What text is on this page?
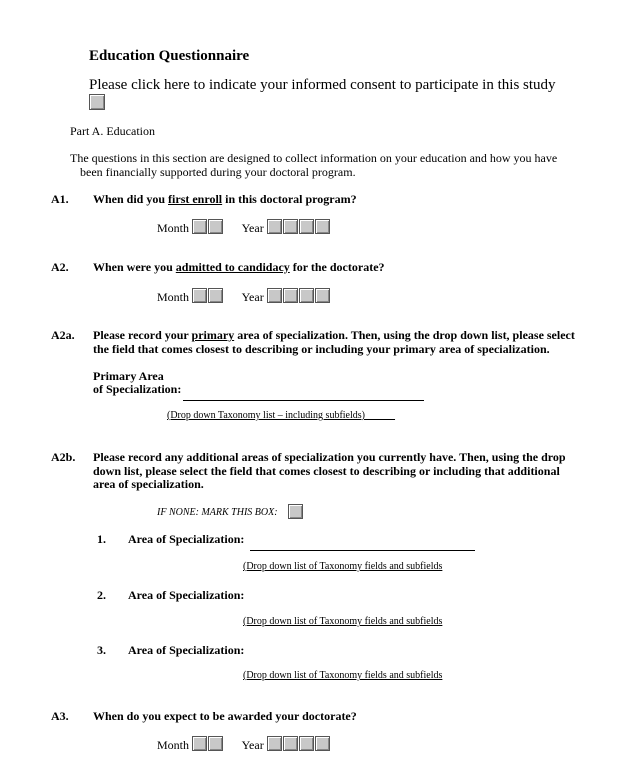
Education Questionnaire
Please click here to indicate your informed consent to participate in this study
Part A. Education
The questions in this section are designed to collect information on your education and how you have
been financially supported during your doctoral program.
A1. When did you first enroll in this doctoral program?
Month	Year
A2. When were you admitted to candidacy for the doctorate?
Month	Year
A2a. Please record your primary area of specialization. Then, using the drop down list, please select
the field that comes closest to describing or including your primary area of specialization.
Primary Area
of Specialization:
(Drop down Taxonomy list – including subfields)______
A2b. Please record any additional areas of specialization you currently have. Then, using the drop
down list, please select the field that comes closest to describing or including that additional
area of specialization.
IF NONE: MARK THIS BOX:
1. Area of Specialization:
(Drop down list of Taxonomy fields and subfields
2. Area of Specialization:
(Drop down list of Taxonomy fields and subfields
3. Area of Specialization:
(Drop down list of Taxonomy fields and subfields
A3. When do you expect to be awarded your doctorate?
Month	Year
